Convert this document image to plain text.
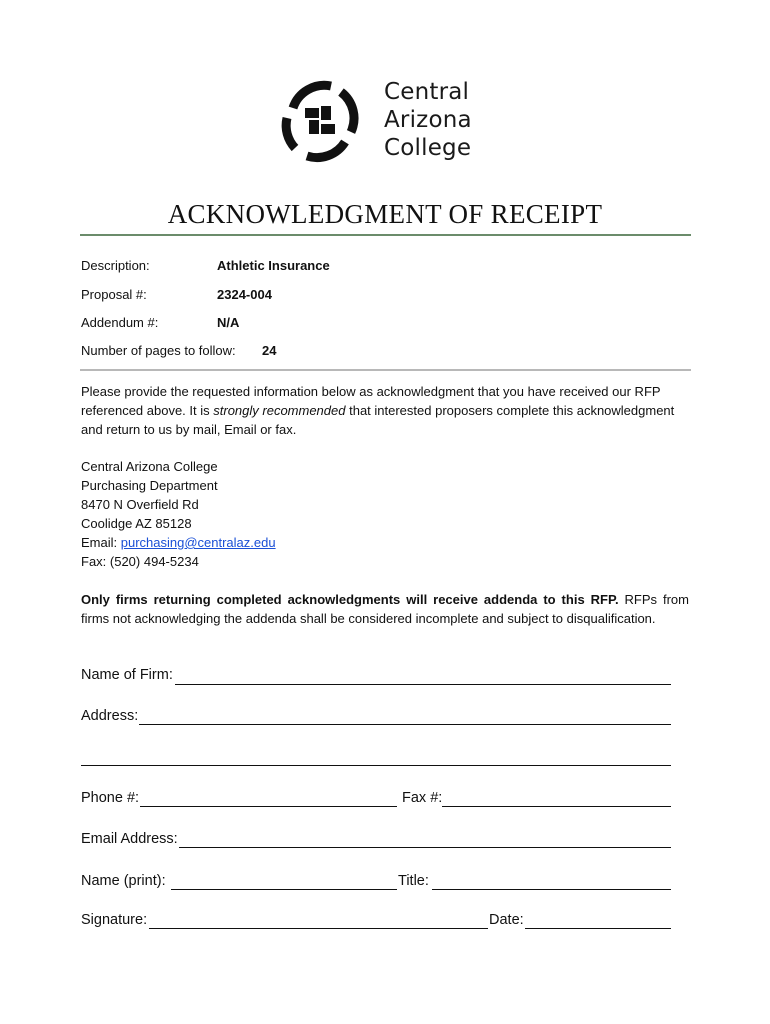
Central
Arizona
College
ACKNOWLEDGMENT OF RECEIPT
Description:	Athletic Insurance
Proposal #:	2324-004
Addendum #:	N/A
Number of pages to follow: 24
Please provide the requested information below as acknowledgment that you have received our RFP referenced above. It is strongly recommended that interested proposers complete this acknowledgment and return to us by mail, Email or fax.
Central Arizona College
Purchasing Department
8470 N Overfield Rd
Coolidge AZ 85128
Email: purchasing@centralaz.edu
Fax: (520) 494-5234
Only firms returning completed acknowledgments will receive addenda to this RFP. RFPs from firms not acknowledging the addenda shall be considered incomplete and subject to disqualification.
Name of Firm:
Address:
Phone #:	Fax #:
Email Address:
Name (print):	Title:
Signature:	Date:
